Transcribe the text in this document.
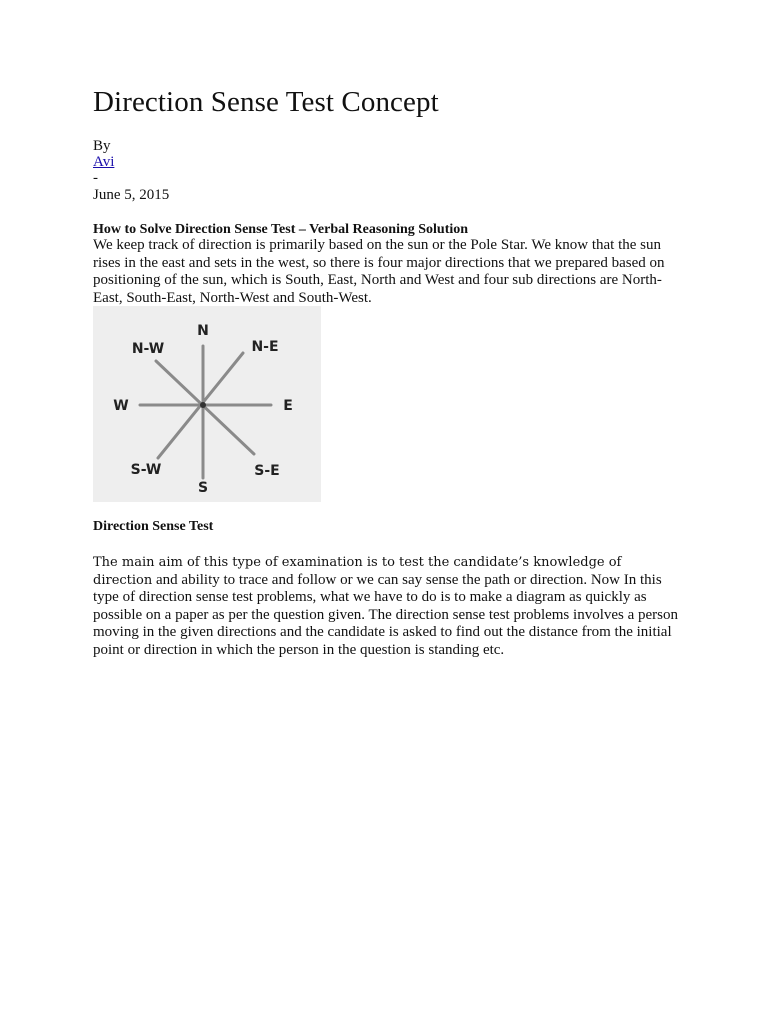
Direction Sense Test Concept
By
Avi
-
June 5, 2015
How to Solve Direction Sense Test – Verbal Reasoning Solution

We keep track of direction is primarily based on the sun or the Pole Star. We know that the sun rises in the east and sets in the west, so there is four major directions that we prepared based on positioning of the sun, which is South, East, North and West and four sub directions are North-East, South-East, North-West and South-West.

N
N-W	N-E
W	E
S-W	S-E
S
Direction Sense Test

The main aim of this type of examination is to test the candidate’s knowledge of direction and ability to trace and follow or we can say sense the path or direction. Now In this type of direction sense test problems, what we have to do is to make a diagram as quickly as possible on a paper as per the question given. The direction sense test problems involves a person moving in the given directions and the candidate is asked to find out the distance from the initial point or direction in which the person in the question is standing etc.
